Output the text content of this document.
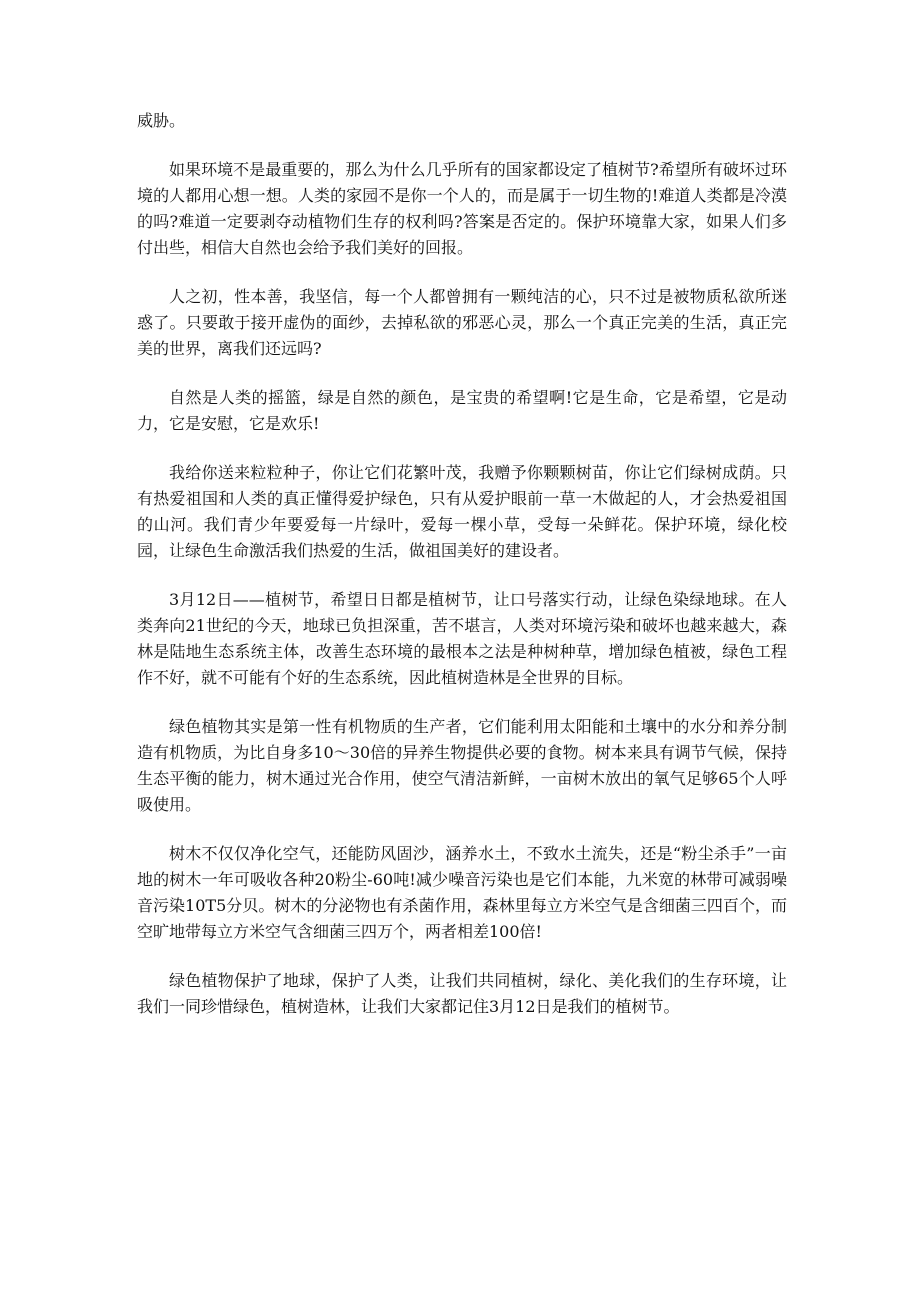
威胁。

如果环境不是最重要的，那么为什么几乎所有的国家都设定了植树节?希望所有破坏过环境的人都用心想一想。人类的家园不是你一个人的，而是属于一切生物的!难道人类都是冷漠的吗?难道一定要剥夺动植物们生存的权利吗?答案是否定的。保护环境靠大家，如果人们多付出些，相信大自然也会给予我们美好的回报。

人之初，性本善，我坚信，每一个人都曾拥有一颗纯洁的心，只不过是被物质私欲所迷惑了。只要敢于接开虚伪的面纱，去掉私欲的邪恶心灵，那么一个真正完美的生活，真正完美的世界，离我们还远吗?

自然是人类的摇篮，绿是自然的颜色，是宝贵的希望啊!它是生命，它是希望，它是动力，它是安慰，它是欢乐!

我给你送来粒粒种子，你让它们花繁叶茂，我赠予你颗颗树苗，你让它们绿树成荫。只有热爱祖国和人类的真正懂得爱护绿色，只有从爱护眼前一草一木做起的人，才会热爱祖国的山河。我们青少年要爱每一片绿叶，爱每一棵小草，受每一朵鲜花。保护环境，绿化校园，让绿色生命激活我们热爱的生活，做祖国美好的建设者。

3月12日——植树节，希望日日都是植树节，让口号落实行动，让绿色染绿地球。在人类奔向21世纪的今天，地球已负担深重，苦不堪言，人类对环境污染和破坏也越来越大，森林是陆地生态系统主体，改善生态环境的最根本之法是种树种草，增加绿色植被，绿色工程作不好，就不可能有个好的生态系统，因此植树造林是全世界的目标。

绿色植物其实是第一性有机物质的生产者，它们能利用太阳能和土壤中的水分和养分制造有机物质，为比自身多10～30倍的异养生物提供必要的食物。树本来具有调节气候，保持生态平衡的能力，树木通过光合作用，使空气清洁新鲜，一亩树木放出的氧气足够65个人呼吸使用。

树木不仅仅净化空气，还能防风固沙，涵养水土，不致水土流失，还是“粉尘杀手”一亩地的树木一年可吸收各种20粉尘-60吨!减少噪音污染也是它们本能，九米宽的林带可减弱噪音污染10T5分贝。树木的分泌物也有杀菌作用，森林里每立方米空气是含细菌三四百个，而空旷地带每立方米空气含细菌三四万个，两者相差100倍!

绿色植物保护了地球，保护了人类，让我们共同植树，绿化、美化我们的生存环境，让我们一同珍惜绿色，植树造林，让我们大家都记住3月12日是我们的植树节。
